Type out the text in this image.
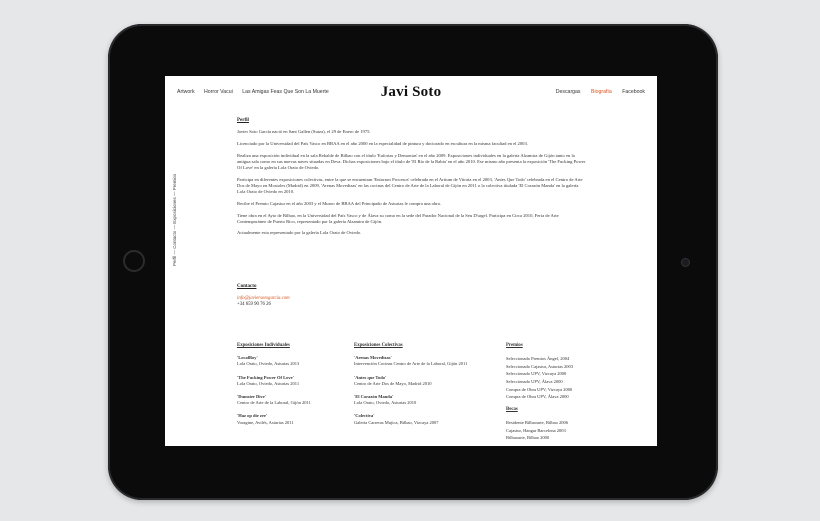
Artwork Horror Vacui Las Amigas Feas Que Son La Muerte	Javi Soto	Descargas Biografía Facebook
Perfil — Contacto — Exposiciones — Premios
Perfil

Javier Soto García nació en Sant Gallen (Suiza), el 29 de Enero de 1975.

Licenciado por la Universidad del País Vasco en BBAA en el año 2000 en la especialidad de pintura y doctorado en escultura en la misma facultad en el 2003.

Realiza una exposición individual en la sala Rekalde de Bilbao con el título 'Euforias y Demonias' en el año 2009. Exposiciones individuales en la galería Alzamira de Gijón tanto en la antigua sala como en sus nuevas naves situadas en Deva. Dichas exposiciones bajo el título de 'El Río de la Rabia' en el año 2010. Ese mismo año presenta la exposición 'The Fucking Power Of Love' en la galería Lola Orato de Oviedo.

Participa en diferentes exposiciones colectivas, entre la que se encuentran 'Entornos Procesos' celebrada en el Artium de Vitoria en el 2003, 'Antes Que Todo' celebrada en el Centro de Arte Dos de Mayo en Mostoles (Madrid) en 2009, 'Arenas Movedizas' en las cocinas del Centro de Arte de la Laboral de Gijón en 2011 o la colectiva titulada 'El Corazón Manda' en la galería Lola Orato de Oviedo en 2010.

Recibe el Premio Cajastur en el año 2003 y el Museo de BBAA del Principado de Asturias le compra una obra.

Tiene obra en el Ayto de Bilbao, en la Universidad del País Vasco y de Álava su como en la sede del Parador Nacional de la Seu D'urgel. Participa en Circa 2010, Feria de Arte Contemporáneo de Puerto Rico, representado por la galería Alzamira de Gijón.

Actualmente esta representado por la galería Lola Orato de Oviedo.

Contacto
info@javiersotogarcia.com
+34 659 90 76 26
Exposiciones Individuales
'LocalBoy'
Lola Orato, Oviedo, Asturias 2013
'The Fucking Power Of Love'
Lola Orato, Oviedo, Asturias 2011
'Dumster Dive'
Centro de Arte de la Laboral, Gijón 2011
'Haz op die zee'
Voragine, Avilés, Asturias 2011
Exposiciones Colectivas
'Arenas Movedizas'
Intervención Cocinas Centro de Arte de la Laboral, Gijón 2011
'Antes que Todo'
Centro de Arte Dos de Mayo, Madrid 2010
'El Corazón Manda'
Lola Orato, Oviedo, Asturias 2010
'Colectiva'
Galería Carreras Mujica, Bilbao, Vizcaya 2007
Premios
Seleccionado Premios Ángel, 2004
Seleccionado Cajastur, Asturias 2003
Seleccionado UPV, Vizcaya 2000
Seleccionado UPV, Álava 2000
Compra de Obra UPV, Vizcaya 2000
Compra de Obra UPV, Álava 2000
Becas
Residente Bilbaoarte, Bilbao 2006
Cajastur, Hangar Barcelona 2003
Bilbaoarte, Bilbao 2000
